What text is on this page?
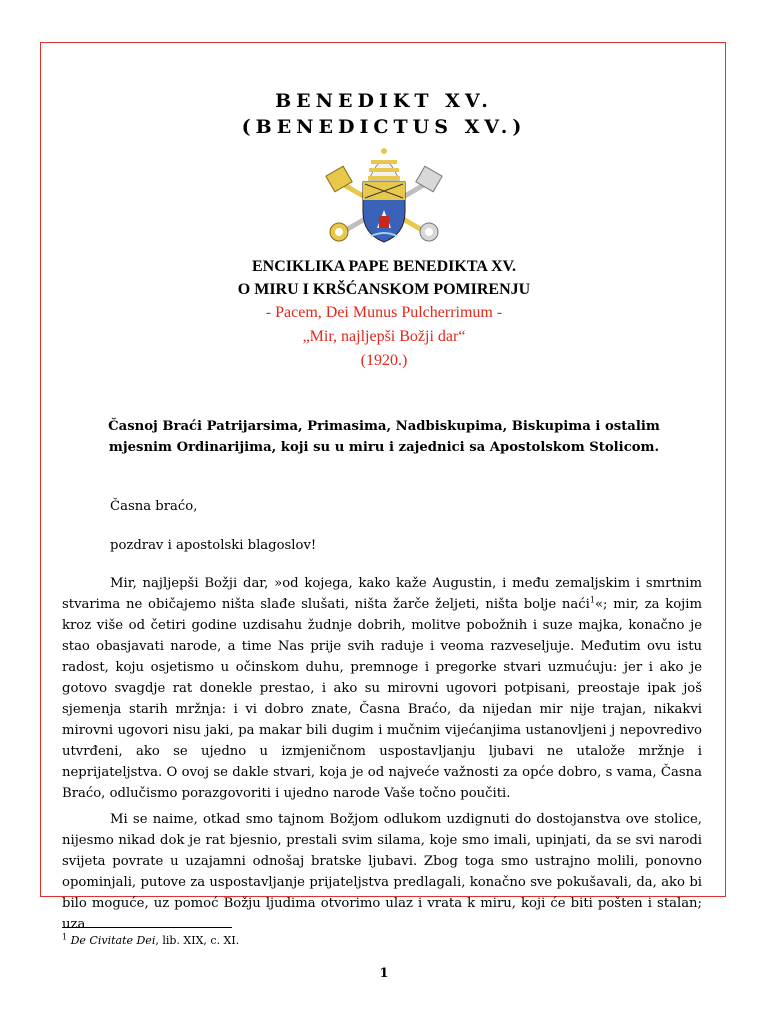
BENEDIKT XV.
(BENEDICTUS XV.)
ENCIKLIKA PAPE BENEDIKTA XV.
O MIRU I KRŠĆANSKOM POMIRENJU
- Pacem, Dei Munus Pulcherrimum -
„Mir, najljepši Božji dar“
(1920.)
Časnoj Braći Patrijarsima, Primasima, Nadbiskupima, Biskupima i ostalim mjesnim Ordinarijima, koji su u miru i zajednici sa Apostolskom Stolicom.
Časna braćo,
pozdrav i apostolski blagoslov!

Mir, najljepši Božji dar, »od kojega, kako kaže Augustin, i među zemaljskim i smrtnim stvarima ne običajemo ništa slađe slušati, ništa žarče željeti, ništa bolje naći$^1$«; mir, za kojim kroz više od četiri godine uzdisahu žudnje dobrih, molitve pobožnih i suze majka, konačno je stao obasjavati narode, a time Nas prije svih raduje i veoma razveseljuje. Međutim ovu istu radost, koju osjetismo u očinskom duhu, premnoge i pregorke stvari uzmućuju: jer i ako je gotovo svagdje rat donekle prestao, i ako su mirovni ugovori potpisani, preostaje ipak još sjemenja starih mržnja: i vi dobro znate, Časna Braćo, da nijedan mir nije trajan, nikakvi mirovni ugovori nisu jaki, pa makar bili dugim i mučnim vijećanjima ustanovljeni j nepovredivo utvrđeni, ako se ujedno u izmjeničnom uspostavljanju ljubavi ne utalože mržnje i neprijateljstva. O ovoj se dakle stvari, koja je od najveće važnosti za opće dobro, s vama, Časna Braćo, odlučismo porazgovoriti i ujedno narode Vaše točno poučiti.

Mi se naime, otkad smo tajnom Božjom odlukom uzdignuti do dostojanstva ove stolice, nijesmo nikad dok je rat bjesnio, prestali svim silama, koje smo imali, upinjati, da se svi narodi svijeta povrate u uzajamni odnošaj bratske ljubavi. Zbog toga smo ustrajno molili, ponovno opominjali, putove za uspostavljanje prijateljstva predlagali, konačno sve pokušavali, da, ako bi bilo moguće, uz pomoć Božju ljudima otvorimo ulaz i vrata k miru, koji će biti pošten i stalan; uza

$^1$ De Civitate Dei, lib. XIX, c. XI.
1
